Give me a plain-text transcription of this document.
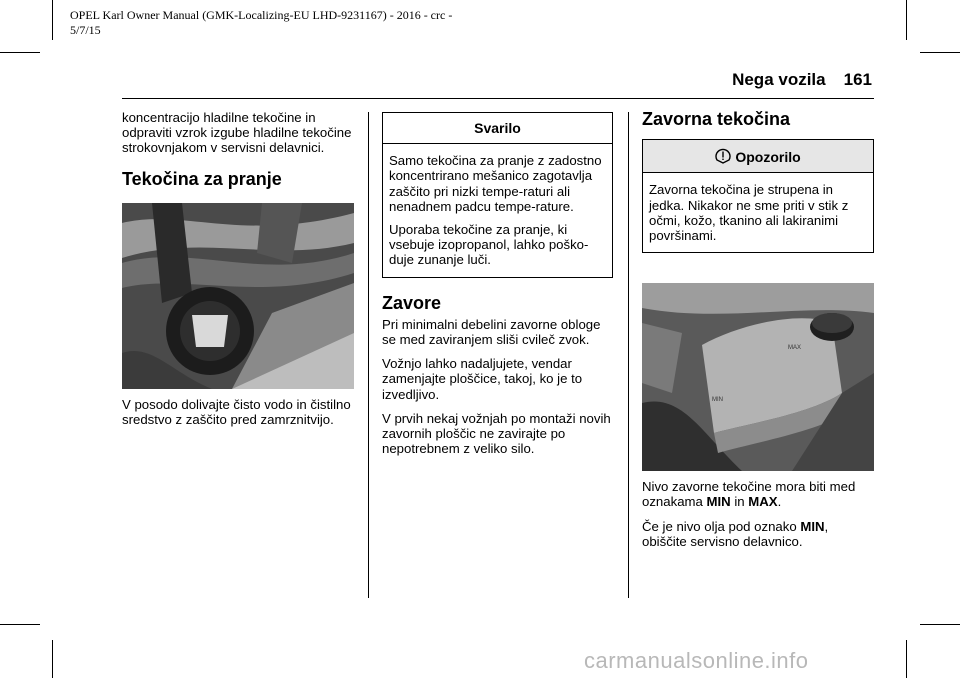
OPEL Karl Owner Manual (GMK-Localizing-EU LHD-9231167) - 2016 - crc -
5/7/15
Nega vozila 161

koncentracijo hladilne tekočine in odpraviti vzrok izgube hladilne tekočine strokovnjakom v servisni delavnici.

Tekočina za pranje

V posodo dolivajte čisto vodo in čistilno sredstvo z zaščito pred zamrznitvijo.

Svarilo

Samo tekočina za pranje z zadostno koncentrirano mešanico zagotavlja zaščito pri nizki tempe-raturi ali nenadnem padcu tempe-rature.

Uporaba tekočine za pranje, ki vsebuje izopropanol, lahko poško-duje zunanje luči.

Zavore

Pri minimalni debelini zavorne obloge se med zaviranjem sliši cvileč zvok.

Vožnjo lahko nadaljujete, vendar zamenjajte ploščice, takoj, ko je to izvedljivo.

V prvih nekaj vožnjah po montaži novih zavornih ploščic ne zavirajte po nepotrebnem z veliko silo.

Zavorna tekočina
Opozorilo

Zavorna tekočina je strupena in jedka. Nikakor ne sme priti v stik z očmi, kožo, tkanino ali lakiranimi površinami.

MAX
MIN

Nivo zavorne tekočine mora biti med oznakama MIN in MAX.

Če je nivo olja pod oznako MIN, obiščite servisno delavnico.

carmanualsonline.info
